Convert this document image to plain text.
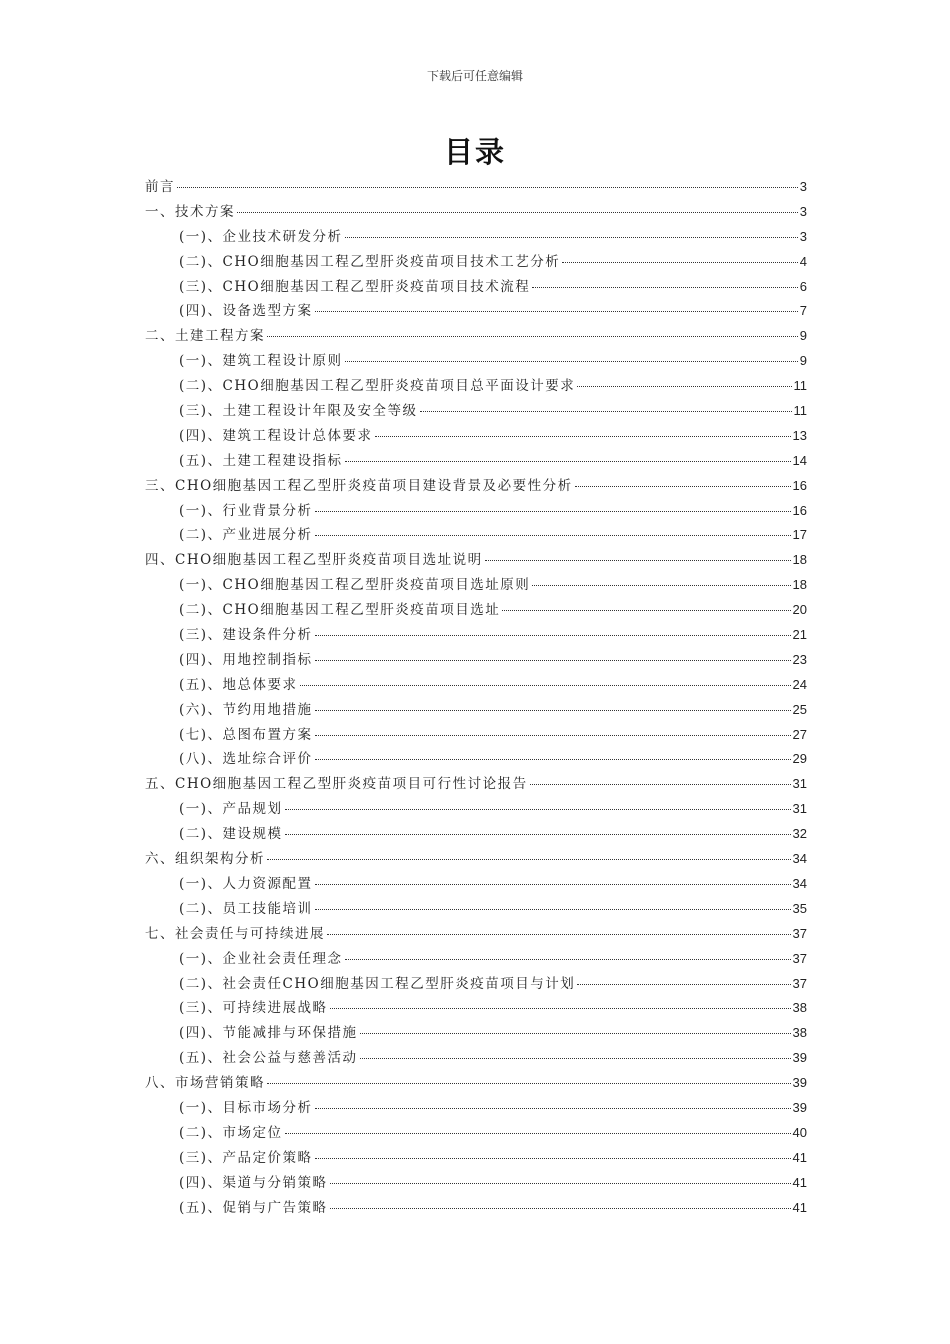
下载后可任意编辑
目录
前言	3
一、技术方案	3
(一)、企业技术研发分析	3
(二)、CHO细胞基因工程乙型肝炎疫苗项目技术工艺分析	4
(三)、CHO细胞基因工程乙型肝炎疫苗项目技术流程	6
(四)、设备选型方案	7
二、土建工程方案	9
(一)、建筑工程设计原则	9
(二)、CHO细胞基因工程乙型肝炎疫苗项目总平面设计要求	11
(三)、土建工程设计年限及安全等级	11
(四)、建筑工程设计总体要求	13
(五)、土建工程建设指标	14
三、CHO细胞基因工程乙型肝炎疫苗项目建设背景及必要性分析	16
(一)、行业背景分析	16
(二)、产业进展分析	17
四、CHO细胞基因工程乙型肝炎疫苗项目选址说明	18
(一)、CHO细胞基因工程乙型肝炎疫苗项目选址原则	18
(二)、CHO细胞基因工程乙型肝炎疫苗项目选址	20
(三)、建设条件分析	21
(四)、用地控制指标	23
(五)、地总体要求	24
(六)、节约用地措施	25
(七)、总图布置方案	27
(八)、选址综合评价	29
五、CHO细胞基因工程乙型肝炎疫苗项目可行性讨论报告	31
(一)、产品规划	31
(二)、建设规模	32
六、组织架构分析	34
(一)、人力资源配置	34
(二)、员工技能培训	35
七、社会责任与可持续进展	37
(一)、企业社会责任理念	37
(二)、社会责任CHO细胞基因工程乙型肝炎疫苗项目与计划	37
(三)、可持续进展战略	38
(四)、节能减排与环保措施	38
(五)、社会公益与慈善活动	39
八、市场营销策略	39
(一)、目标市场分析	39
(二)、市场定位	40
(三)、产品定价策略	41
(四)、渠道与分销策略	41
(五)、促销与广告策略	41
